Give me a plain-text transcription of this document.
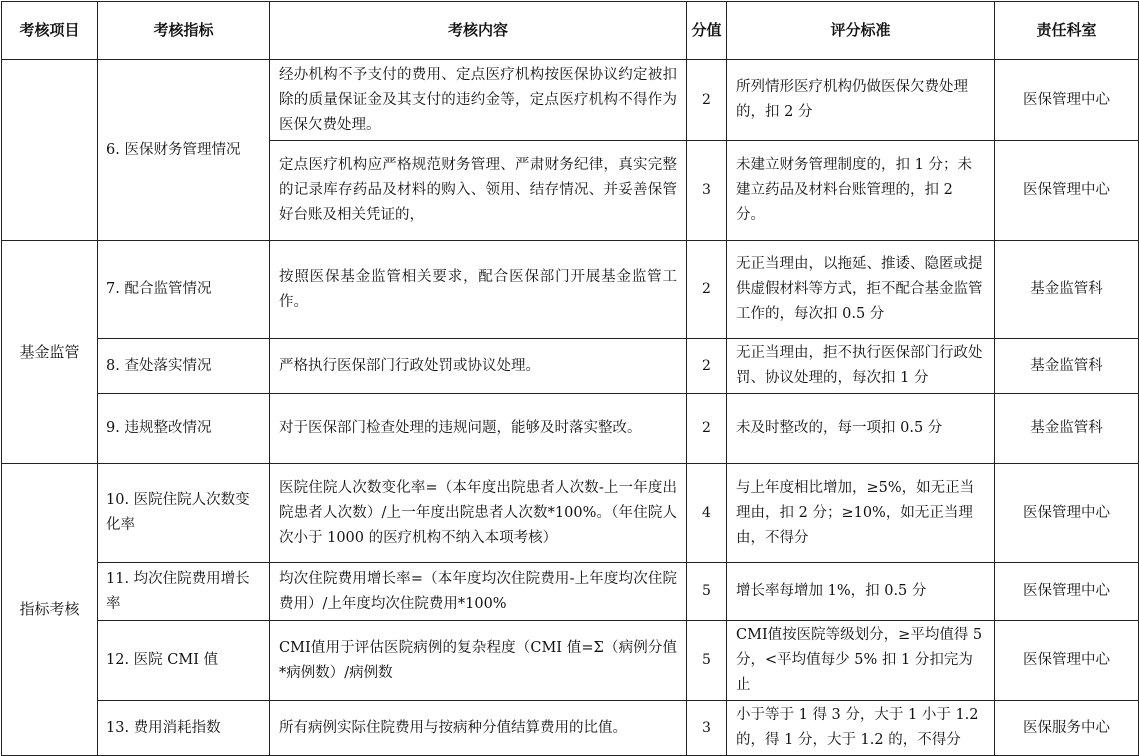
考核项目	考核指标	考核内容	分值	评分标准	责任科室
	6. 医保财务管理情况	经办机构不予支付的费用、定点医疗机构按医保协议约定被扣除的质量保证金及其支付的违约金等，定点医疗机构不得作为医保欠费处理。	2	所列情形医疗机构仍做医保欠费处理的，扣 2 分	医保管理中心
		定点医疗机构应严格规范财务管理、严肃财务纪律，真实完整的记录库存药品及材料的购入、领用、结存情况、并妥善保管好台账及相关凭证的，	3	未建立财务管理制度的，扣 1 分；未建立药品及材料台账管理的，扣 2 分。	医保管理中心
基金监管	7. 配合监管情况	按照医保基金监管相关要求，配合医保部门开展基金监管工作。	2	无正当理由，以拖延、推诿、隐匿或提供虚假材料等方式，拒不配合基金监管工作的，每次扣 0.5 分	基金监管科
	8. 查处落实情况	严格执行医保部门行政处罚或协议处理。	2	无正当理由，拒不执行医保部门行政处罚、协议处理的，每次扣 1 分	基金监管科
	9. 违规整改情况	对于医保部门检查处理的违规问题，能够及时落实整改。	2	未及时整改的，每一项扣 0.5 分	基金监管科
指标考核	10. 医院住院人次数变化率	医院住院人次数变化率=（本年度出院患者人次数-上一年度出院患者人次数）/上一年度出院患者人次数*100%。（年住院人次小于 1000 的医疗机构不纳入本项考核）	4	与上年度相比增加，≥5%，如无正当理由，扣 2 分；≥10%，如无正当理由，不得分	医保管理中心
	11. 均次住院费用增长率	均次住院费用增长率=（本年度均次住院费用-上年度均次住院费用）/上年度均次住院费用*100%	5	增长率每增加 1%，扣 0.5 分	医保管理中心
	12. 医院 CMI 值	CMI值用于评估医院病例的复杂程度（CMI 值=Σ（病例分值*病例数）/病例数	5	CMI值按医院等级划分，≥平均值得 5分，<平均值每少 5% 扣 1 分扣完为止	医保管理中心
	13. 费用消耗指数	所有病例实际住院费用与按病种分值结算费用的比值。	3	小于等于 1 得 3 分，大于 1 小于 1.2 的，得 1 分，大于 1.2 的，不得分	医保服务中心
